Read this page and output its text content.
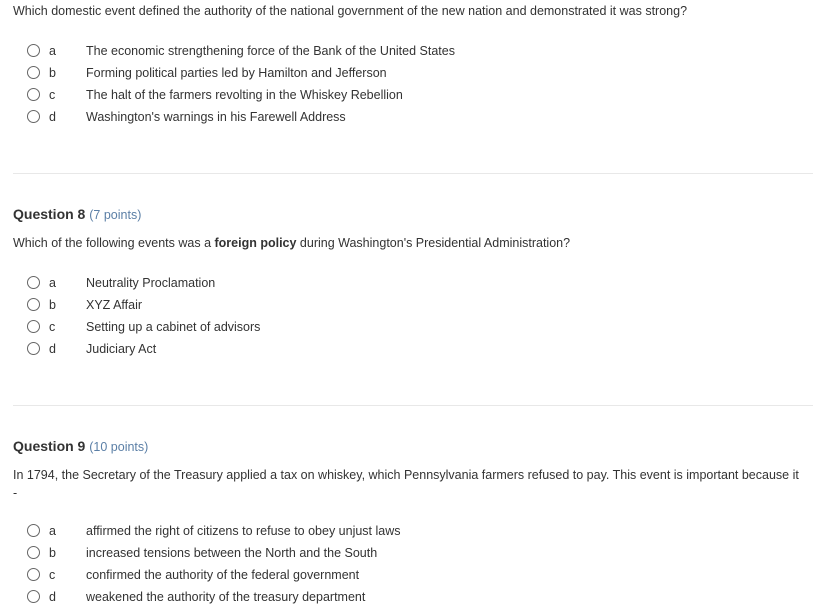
Which domestic event defined the authority of the national government of the new nation and demonstrated it was strong?
a The economic strengthening force of the Bank of the United States
b Forming political parties led by Hamilton and Jefferson
c The halt of the farmers revolting in the Whiskey Rebellion
d Washington's warnings in his Farewell Address
Question 8 (7 points)
Which of the following events was a foreign policy during Washington's Presidential Administration?
a Neutrality Proclamation
b XYZ Affair
c Setting up a cabinet of advisors
d Judiciary Act
Question 9 (10 points)
In 1794, the Secretary of the Treasury applied a tax on whiskey, which Pennsylvania farmers refused to pay. This event is important because it
-
a affirmed the right of citizens to refuse to obey unjust laws
b increased tensions between the North and the South
c confirmed the authority of the federal government
d weakened the authority of the treasury department
